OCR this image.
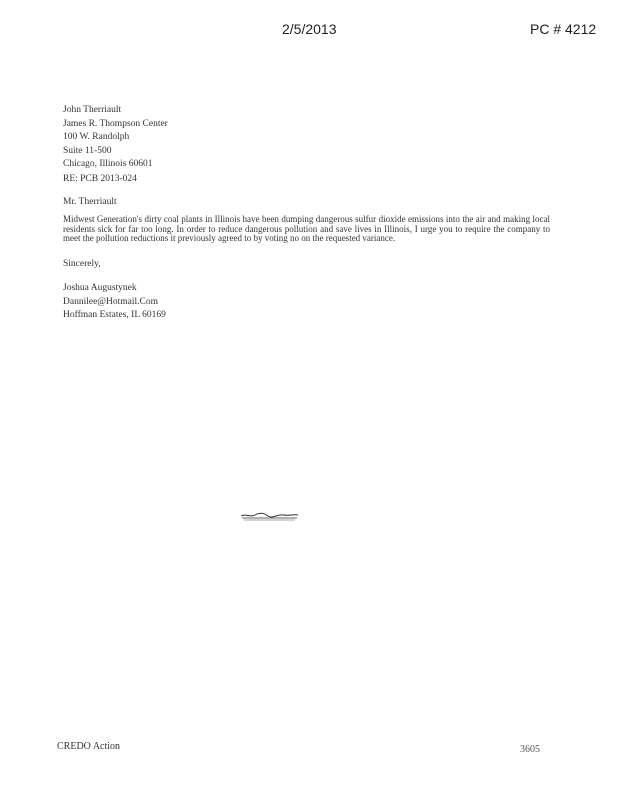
2/5/2013	PC # 4212
John Therriault
James R. Thompson Center
100 W. Randolph
Suite 11-500
Chicago, Illinois 60601
RE: PCB 2013-024
Mr. Therriault
Midwest Generation's dirty coal plants in Illinois have been dumping dangerous sulfur dioxide emissions into the air and making local residents sick for far too long. In order to reduce dangerous pollution and save lives in Illinois, I urge you to require the company to meet the pollution reductions it previously agreed to by voting no on the requested variance.
Sincerely,
Joshua Augustynek
Dannilee@Hotmail.Com
Hoffman Estates, IL 60169
CREDO Action	3605
